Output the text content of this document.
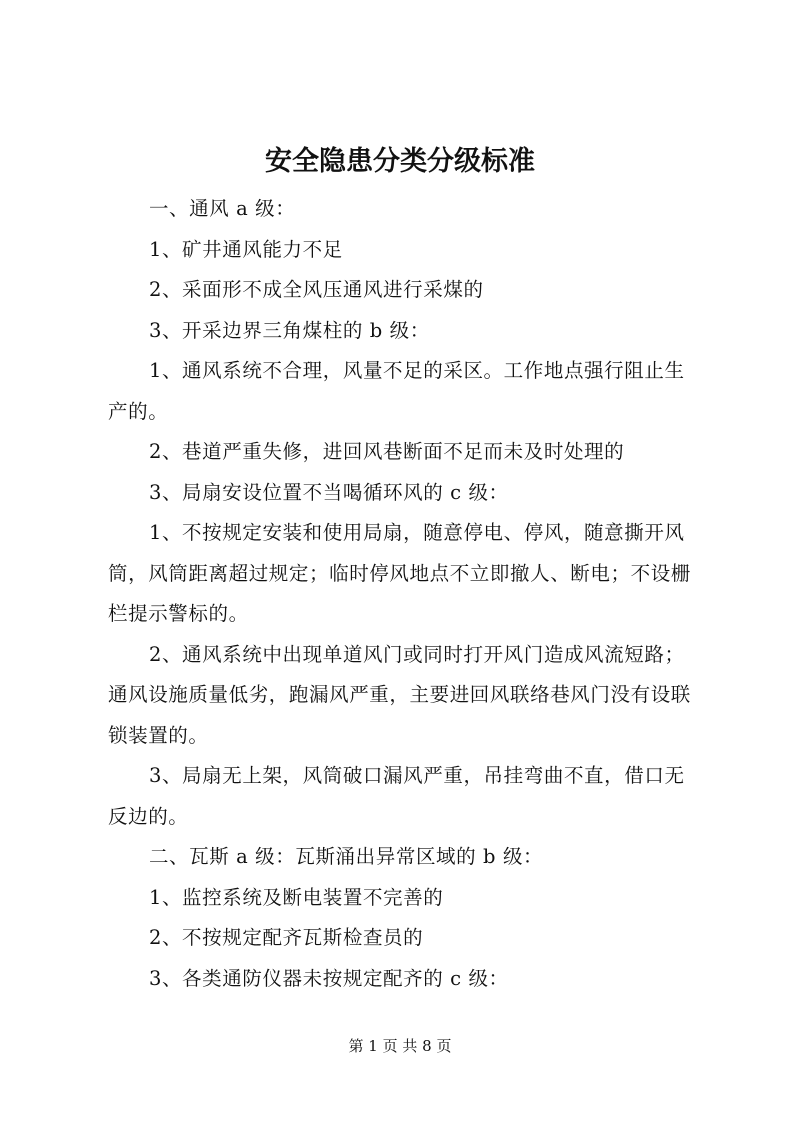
安全隐患分类分级标准

一、通风 a 级：

1、矿井通风能力不足

2、采面形不成全风压通风进行采煤的

3、开采边界三角煤柱的 b 级：

1、通风系统不合理，风量不足的采区。工作地点强行阻止生产的。

2、巷道严重失修，进回风巷断面不足而未及时处理的

3、局扇安设位置不当喝循环风的 c 级：

1、不按规定安装和使用局扇，随意停电、停风，随意撕开风筒，风筒距离超过规定；临时停风地点不立即撤人、断电；不设栅栏提示警标的。

2、通风系统中出现单道风门或同时打开风门造成风流短路；通风设施质量低劣，跑漏风严重，主要进回风联络巷风门没有设联锁装置的。

3、局扇无上架，风筒破口漏风严重，吊挂弯曲不直，借口无反边的。

二、瓦斯 a 级：瓦斯涌出异常区域的 b 级：

1、监控系统及断电装置不完善的

2、不按规定配齐瓦斯检查员的

3、各类通防仪器未按规定配齐的 c 级：

第 1 页 共 8 页
